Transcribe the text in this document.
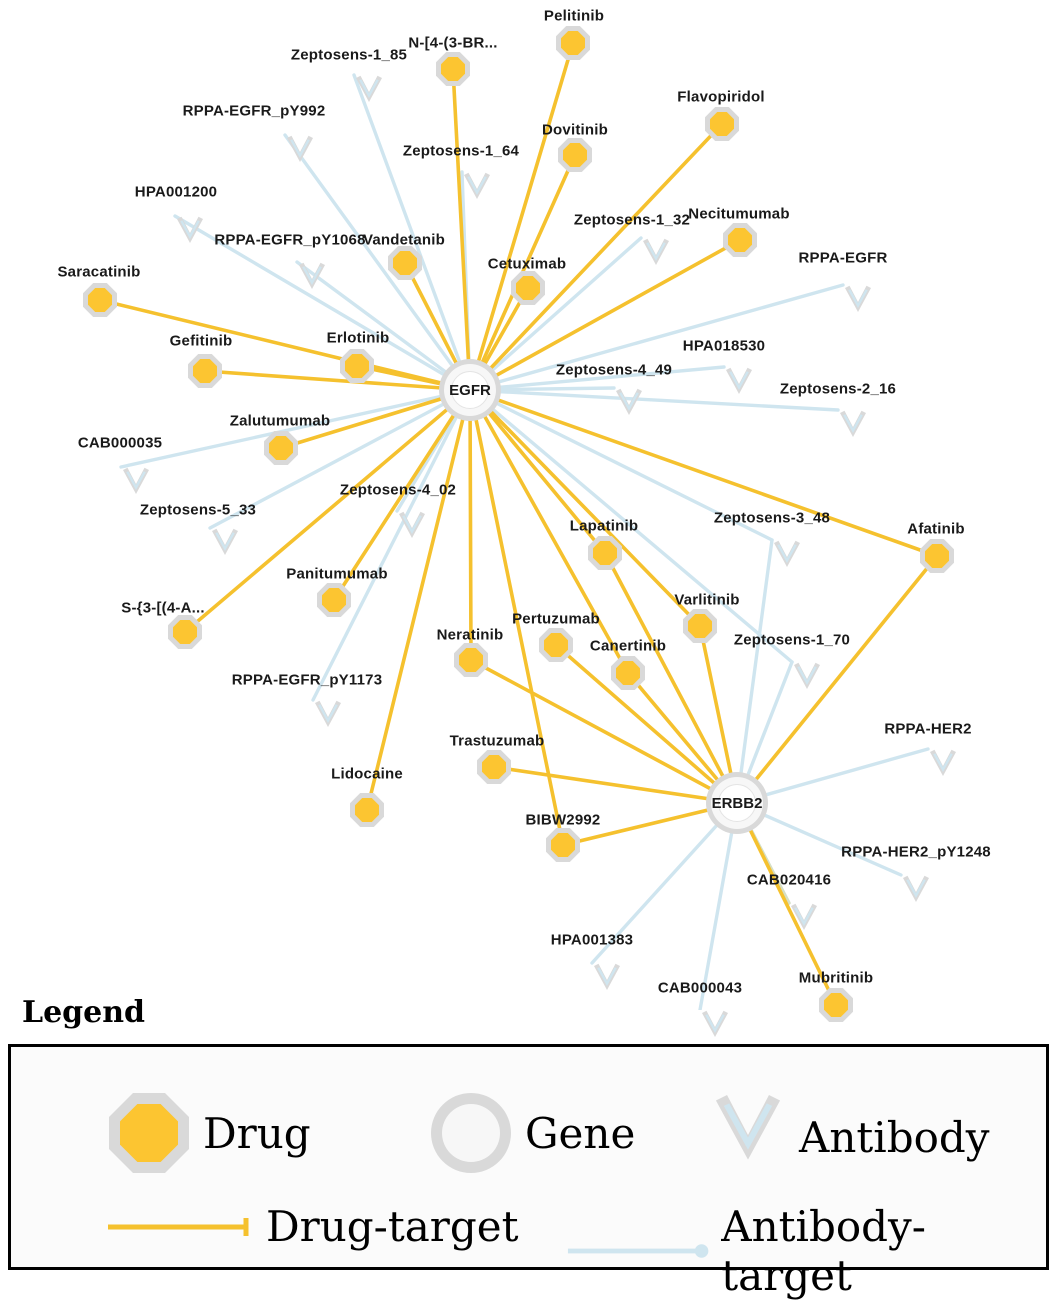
Pelitinib
N-[4-(3-BR...
Flavopiridol
Dovitinib
Necitumumab
Vandetanib
Cetuximab
Saracatinib
Gefitinib	Erlotinib
Zalutumumab
Afatinib
Lapatinib
Varlitinib
Panitumumab
S-{3-[(4-A...
Pertuzumab
Neratinib
Canertinib
Trastuzumab
Lidocaine
BIBW2992
Mubritinib
Zeptosens-1_85
RPPA-EGFR_pY992
Zeptosens-1_64
HPA001200
Zeptosens-1_32
RPPA-EGFR_pY1068
RPPA-EGFR
HPA018530
Zeptosens-4_49
Zeptosens-2_16
CAB000035
Zeptosens-5_33
Zeptosens-4_02
Zeptosens-3_48
Zeptosens-1_70
RPPA-EGFR_pY1173
RPPA-HER2
RPPA-HER2_pY1248
CAB020416
HPA001383
CAB000043
EGFR
ERBB2
Legend
Drug	Gene	Antibody
Drug-target	Antibody-target
